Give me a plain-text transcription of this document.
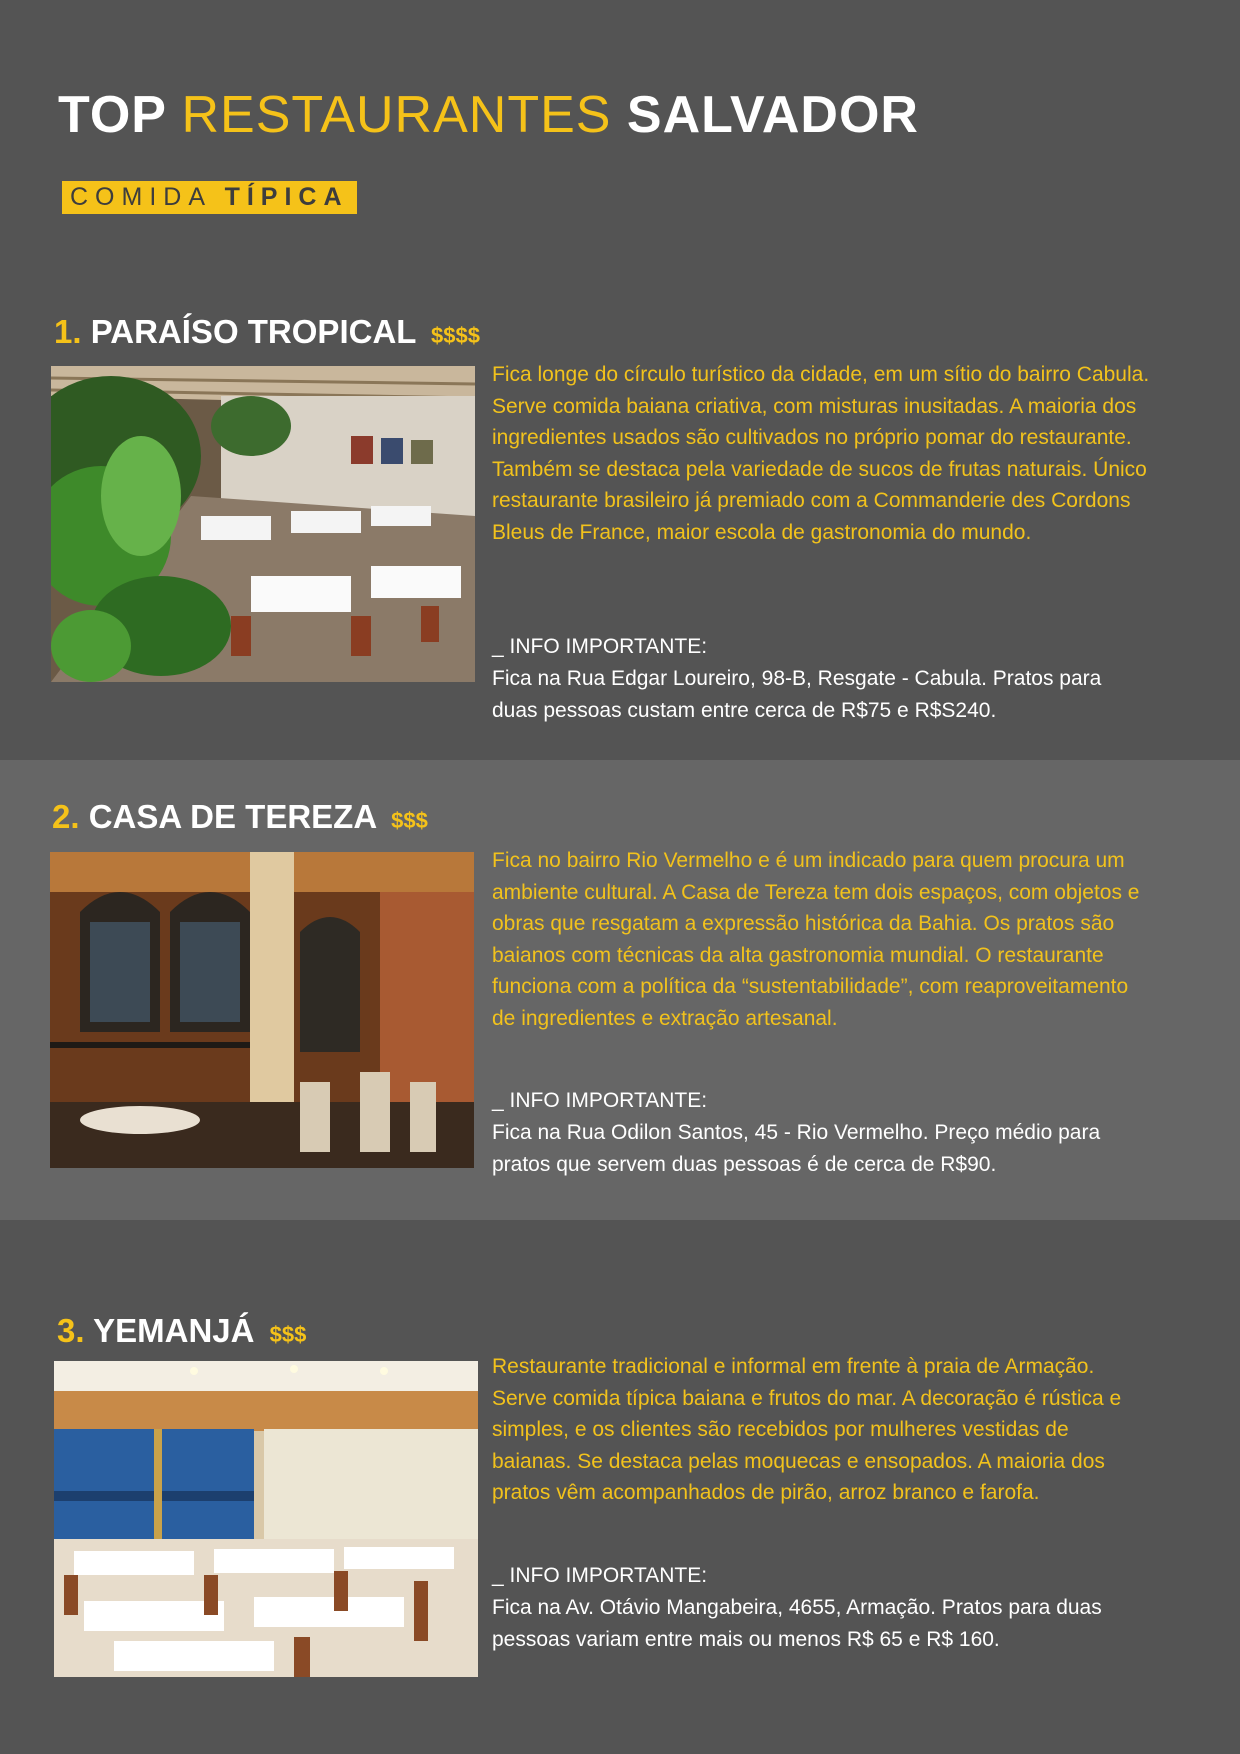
TOP RESTAURANTES SALVADOR
COMIDA TÍPICA
1. PARAÍSO TROPICAL $$$$

Fica longe do círculo turístico da cidade, em um sítio do bairro Cabula. Serve comida baiana criativa, com misturas inusitadas. A maioria dos ingredientes usados são cultivados no próprio pomar do restaurante. Também se destaca pela variedade de sucos de frutas naturais. Único restaurante brasileiro já premiado com a Commanderie des Cordons Bleus de France, maior escola de gastronomia do mundo.

_ INFO IMPORTANTE:

Fica na Rua Edgar Loureiro, 98-B, Resgate - Cabula. Pratos para duas pessoas custam entre cerca de R$75 e R$S240.

2. CASA DE TEREZA $$$

Fica no bairro Rio Vermelho e é um indicado para quem procura um ambiente cultural. A Casa de Tereza tem dois espaços, com objetos e obras que resgatam a expressão histórica da Bahia. Os pratos são baianos com técnicas da alta gastronomia mundial. O restaurante funciona com a política da “sustentabilidade”, com reaproveitamento de ingredientes e extração artesanal.

_ INFO IMPORTANTE:

Fica na Rua Odilon Santos, 45 - Rio Vermelho. Preço médio para pratos que servem duas pessoas é de cerca de R$90.

3. YEMANJÁ $$$

Restaurante tradicional e informal em frente à praia de Armação. Serve comida típica baiana e frutos do mar. A decoração é rústica e simples, e os clientes são recebidos por mulheres vestidas de baianas. Se destaca pelas moquecas e ensopados. A maioria dos pratos vêm acompanhados de pirão, arroz branco e farofa.

_ INFO IMPORTANTE:

Fica na Av. Otávio Mangabeira, 4655, Armação. Pratos para duas pessoas variam entre mais ou menos R$ 65 e R$ 160.
